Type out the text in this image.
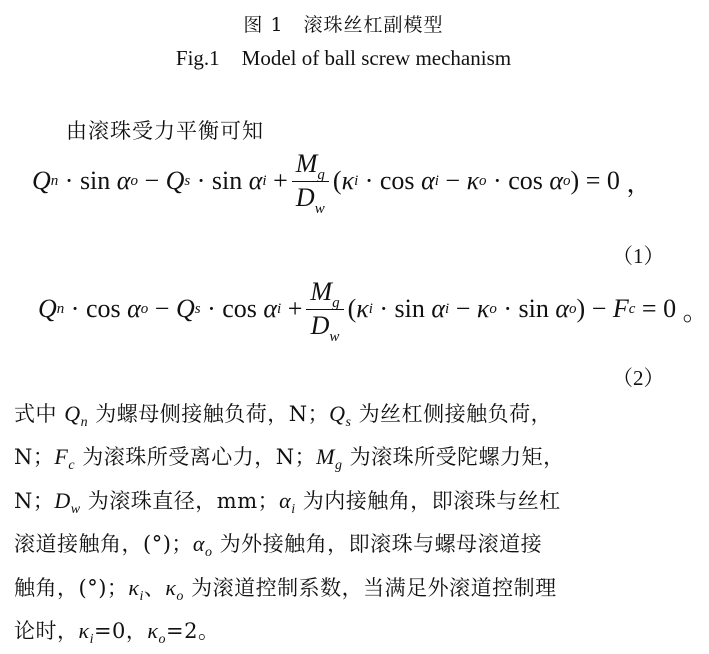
图 1　滚珠丝杠副模型
Fig.1 Model of ball screw mechanism
由滚珠受力平衡可知
Q n · sin α o − Q s · sin α $i + \frac{M_g}{D_w}$ ( κ i · cos α i − κ o · cos α o ) = 0
，
（1）
Q n · cos α o − Q s · cos α $i + \frac{M_g}{D_w}$ ( κ i · sin α i − κ o · sin α o ) − F c = 0
。
（2）

式中 $Q_n$ 为螺母侧接触负荷，N；$Q_s$ 为丝杠侧接触负荷，

N；$F_c$ 为滚珠所受离心力，N；$M_g$ 为滚珠所受陀螺力矩，

N；$D_w$ 为滚珠直径，mm；$\alpha_i$ 为内接触角，即滚珠与丝杠

滚道接触角，(°)；$\alpha_o$ 为外接触角，即滚珠与螺母滚道接

触角，(°)；$\kappa_i$、$\kappa_o$ 为滚道控制系数，当满足外滚道控制理

论时，$\kappa_i=0$，$\kappa_o=2$。
